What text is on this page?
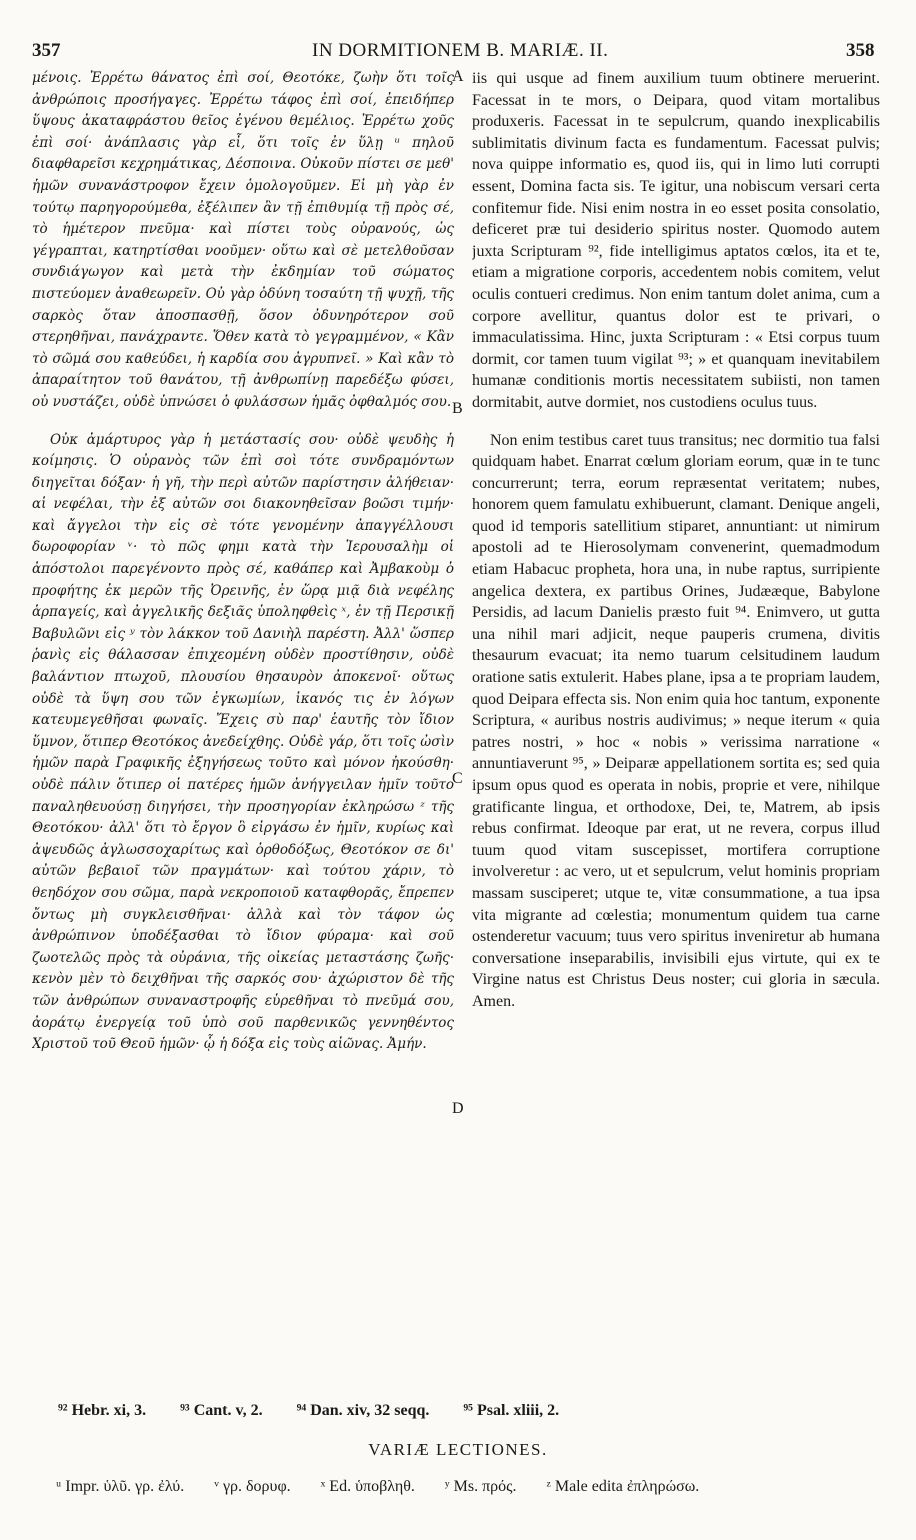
357	IN DORMITIONEM B. MARIÆ. II.	358

μένοις. Ἐρρέτω θάνατος ἐπὶ σοί, Θεοτόκε, ζωὴν ὅτι τοῖς ἀνθρώποις προσήγαγες. Ἐρρέτω τάφος ἐπὶ σοί, ἐπειδήπερ ὕψους ἀκαταφράστου θεῖος ἐγένου θεμέλιος. Ἐρρέτω χοῦς ἐπὶ σοί· ἀνάπλασις γὰρ εἶ, ὅτι τοῖς ἐν ὕλῃ ᵘ πηλοῦ διαφθαρεῖσι κεχρημάτικας, Δέσποινα. Οὐκοῦν πίστει σε μεθ' ἡμῶν συνανάστροφον ἔχειν ὁμολογοῦμεν. Εἰ μὴ γὰρ ἐν τούτῳ παρηγορούμεθα, ἐξέλιπεν ἂν τῇ ἐπιθυμίᾳ τῇ πρὸς σέ, τὸ ἡμέτερον πνεῦμα· καὶ πίστει τοὺς οὐρανούς, ὡς γέγραπται, κατηρτίσθαι νοοῦμεν· οὕτω καὶ σὲ μετελθοῦσαν συνδιάγωγον καὶ μετὰ τὴν ἐκδημίαν τοῦ σώματος πιστεύομεν ἀναθεωρεῖν. Οὐ γὰρ ὀδύνη τοσαύτη τῇ ψυχῇ, τῆς σαρκὸς ὅταν ἀποσπασθῇ, ὅσον ὀδυνηρότερον σοῦ στερηθῆναι, πανάχραντε. Ὅθεν κατὰ τὸ γεγραμμένον, « Κἂν τὸ σῶμά σου καθεύδει, ἡ καρδία σου ἀγρυπνεῖ. » Καὶ κἂν τὸ ἀπαραίτητον τοῦ θανάτου, τῇ ἀνθρωπίνῃ παρεδέξω φύσει, οὐ νυστάζει, οὐδὲ ὑπνώσει ὁ φυλάσσων ἡμᾶς ὀφθαλμός σου.

Οὐκ ἀμάρτυρος γὰρ ἡ μετάστασίς σου· οὐδὲ ψευδὴς ἡ κοίμησις. Ὁ οὐρανὸς τῶν ἐπὶ σοὶ τότε συνδραμόντων διηγεῖται δόξαν· ἡ γῆ, τὴν περὶ αὐτῶν παρίστησιν ἀλήθειαν· αἱ νεφέλαι, τὴν ἐξ αὐτῶν σοι διακονηθεῖσαν βοῶσι τιμήν· καὶ ἄγγελοι τὴν εἰς σὲ τότε γενομένην ἀπαγγέλλουσι δωροφορίαν ᵛ· τὸ πῶς φημι κατὰ τὴν Ἱερουσαλὴμ οἱ ἀπόστολοι παρεγένοντο πρὸς σέ, καθάπερ καὶ Ἀμβακοὺμ ὁ προφήτης ἐκ μερῶν τῆς Ὀρεινῆς, ἐν ὥρᾳ μιᾷ διὰ νεφέλης ἁρπαγείς, καὶ ἀγγελικῆς δεξιᾶς ὑποληφθεὶς ˣ, ἐν τῇ Περσικῇ Βαβυλῶνι εἰς ʸ τὸν λάκκον τοῦ Δανιὴλ παρέστη. Ἀλλ' ὥσπερ ῥανὶς εἰς θάλασσαν ἐπιχεομένη οὐδὲν προστίθησιν, οὐδὲ βαλάντιον πτωχοῦ, πλουσίου θησαυρὸν ἀποκενοῖ· οὕτως οὐδὲ τὰ ὕψη σου τῶν ἐγκωμίων, ἱκανός τις ἐν λόγων κατευμεγεθῆσαι φωναῖς. Ἔχεις σὺ παρ' ἑαυτῆς τὸν ἴδιον ὕμνον, ὅτιπερ Θεοτόκος ἀνεδείχθης. Οὐδὲ γάρ, ὅτι τοῖς ὠσὶν ἡμῶν παρὰ Γραφικῆς ἐξηγήσεως τοῦτο καὶ μόνον ἠκούσθη· οὐδὲ πάλιν ὅτιπερ οἱ πατέρες ἡμῶν ἀνήγγειλαν ἡμῖν τοῦτο παναληθευούσῃ διηγήσει, τὴν προσηγορίαν ἐκληρώσω ᶻ τῆς Θεοτόκου· ἀλλ' ὅτι τὸ ἔργον ὃ εἰργάσω ἐν ἡμῖν, κυρίως καὶ ἀψευδῶς ἀγλωσσοχαρίτως καὶ ὀρθοδόξως, Θεοτόκον σε δι' αὐτῶν βεβαιοῖ τῶν πραγμάτων· καὶ τούτου χάριν, τὸ θεηδόχον σου σῶμα, παρὰ νεκροποιοῦ καταφθορᾶς, ἔπρεπεν ὄντως μὴ συγκλεισθῆναι· ἀλλὰ καὶ τὸν τάφον ὡς ἀνθρώπινον ὑποδέξασθαι τὸ ἴδιον φύραμα· καὶ σοῦ ζωοτελῶς πρὸς τὰ οὐράνια, τῆς οἰκείας μεταστάσης ζωῆς· κενὸν μὲν τὸ δειχθῆναι τῆς σαρκός σου· ἀχώριστον δὲ τῆς τῶν ἀνθρώπων συναναστροφῆς εὑρεθῆναι τὸ πνεῦμά σου, ἀοράτῳ ἐνεργείᾳ τοῦ ὑπὸ σοῦ παρθενικῶς γεννηθέντος Χριστοῦ τοῦ Θεοῦ ἡμῶν· ᾧ ἡ δόξα εἰς τοὺς αἰῶνας. Ἀμήν.

A
B
C
D

iis qui usque ad finem auxilium tuum obtinere meruerint. Facessat in te mors, o Deipara, quod vitam mortalibus produxeris. Facessat in te sepulcrum, quando inexplicabilis sublimitatis divinum facta es fundamentum. Facessat pulvis; nova quippe informatio es, quod iis, qui in limo luti corrupti essent, Domina facta sis. Te igitur, una nobiscum versari certa confitemur fide. Nisi enim nostra in eo esset posita consolatio, deficeret præ tui desiderio spiritus noster. Quomodo autem juxta Scripturam ⁹², fide intelligimus aptatos cœlos, ita et te, etiam a migratione corporis, accedentem nobis comitem, velut oculis contueri credimus. Non enim tantum dolet anima, cum a corpore avellitur, quantus dolor est te privari, o immaculatissima. Hinc, juxta Scripturam : « Etsi corpus tuum dormit, cor tamen tuum vigilat ⁹³; » et quanquam inevitabilem humanæ conditionis mortis necessitatem subiisti, non tamen dormitabit, autve dormiet, nos custodiens oculus tuus.

Non enim testibus caret tuus transitus; nec dormitio tua falsi quidquam habet. Enarrat cœlum gloriam eorum, quæ in te tunc concurrerunt; terra, eorum repræsentat veritatem; nubes, honorem quem famulatu exhibuerunt, clamant. Denique angeli, quod id temporis satellitium stiparet, annuntiant: ut nimirum apostoli ad te Hierosolymam convenerint, quemadmodum etiam Habacuc propheta, hora una, in nube raptus, surripiente angelica dextera, ex partibus Orines, Judææque, Babylone Persidis, ad lacum Danielis præsto fuit ⁹⁴. Enimvero, ut gutta una nihil mari adjicit, neque pauperis crumena, divitis thesaurum evacuat; ita nemo tuarum celsitudinem laudum oratione satis extulerit. Habes plane, ipsa a te propriam laudem, quod Deipara effecta sis. Non enim quia hoc tantum, exponente Scriptura, « auribus nostris audivimus; » neque iterum « quia patres nostri, » hoc « nobis » verissima narratione « annuntiaverunt ⁹⁵, » Deiparæ appellationem sortita es; sed quia ipsum opus quod es operata in nobis, proprie et vere, nihilque gratificante lingua, et orthodoxe, Dei, te, Matrem, ab ipsis rebus confirmat. Ideoque par erat, ut ne revera, corpus illud tuum quod vitam suscepisset, mortifera corruptione involveretur : ac vero, ut et sepulcrum, velut hominis propriam massam susciperet; utque te, vitæ consummatione, a tua ipsa vita migrante ad cœlestia; monumentum quidem tua carne ostenderetur vacuum; tuus vero spiritus inveniretur ab humana conversatione inseparabilis, invisibili ejus virtute, qui ex te Virgine natus est Christus Deus noster; cui gloria in sæcula. Amen.

⁹² Hebr. xi, 3. ⁹³ Cant. v, 2. ⁹⁴ Dan. xiv, 32 seqq. ⁹⁵ Psal. xliii, 2.
VARIÆ LECTIONES.
ᵘ Impr. ὑλῦ. γρ. ἐλύ. ᵛ γρ. δορυφ. ˣ Ed. ὑποβληθ. ʸ Ms. πρός. ᶻ Male edita ἐπληρώσω.
